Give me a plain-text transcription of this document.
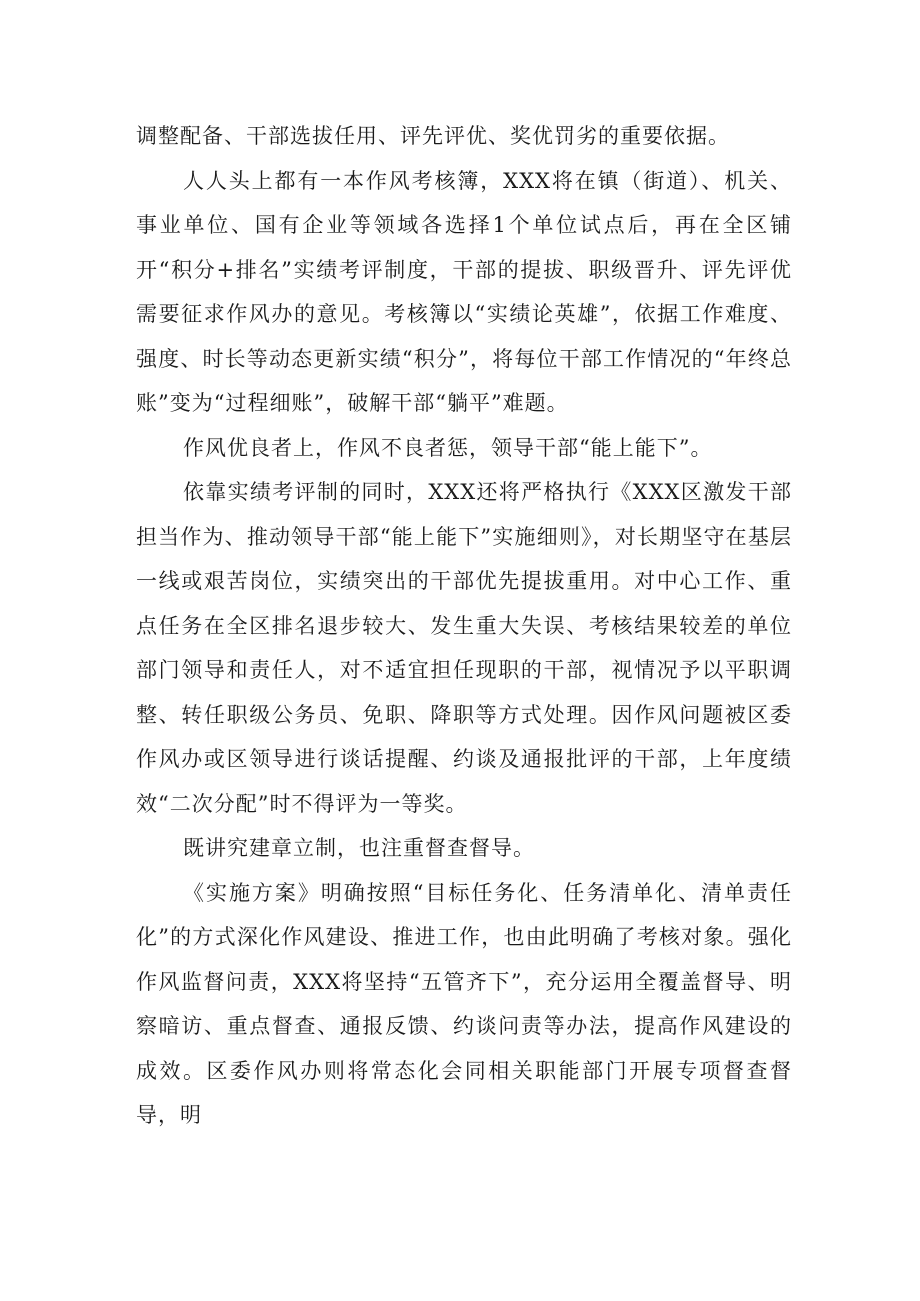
调整配备、干部选拔任用、评先评优、奖优罚劣的重要依据。

人人头上都有一本作风考核簿，XXX将在镇（街道）、机关、事业单位、国有企业等领域各选择1个单位试点后，再在全区铺开“积分+排名”实绩考评制度，干部的提拔、职级晋升、评先评优需要征求作风办的意见。考核簿以“实绩论英雄”，依据工作难度、强度、时长等动态更新实绩“积分”，将每位干部工作情况的“年终总账”变为“过程细账”，破解干部“躺平”难题。

作风优良者上，作风不良者惩，领导干部“能上能下”。

依靠实绩考评制的同时，XXX还将严格执行《XXX区激发干部担当作为、推动领导干部“能上能下”实施细则》，对长期坚守在基层一线或艰苦岗位，实绩突出的干部优先提拔重用。对中心工作、重点任务在全区排名退步较大、发生重大失误、考核结果较差的单位部门领导和责任人，对不适宜担任现职的干部，视情况予以平职调整、转任职级公务员、免职、降职等方式处理。因作风问题被区委作风办或区领导进行谈话提醒、约谈及通报批评的干部，上年度绩效“二次分配”时不得评为一等奖。

既讲究建章立制，也注重督查督导。

《实施方案》明确按照“目标任务化、任务清单化、清单责任化”的方式深化作风建设、推进工作，也由此明确了考核对象。强化作风监督问责，XXX将坚持“五管齐下”，充分运用全覆盖督导、明察暗访、重点督查、通报反馈、约谈问责等办法，提高作风建设的成效。区委作风办则将常态化会同相关职能部门开展专项督查督导，明
